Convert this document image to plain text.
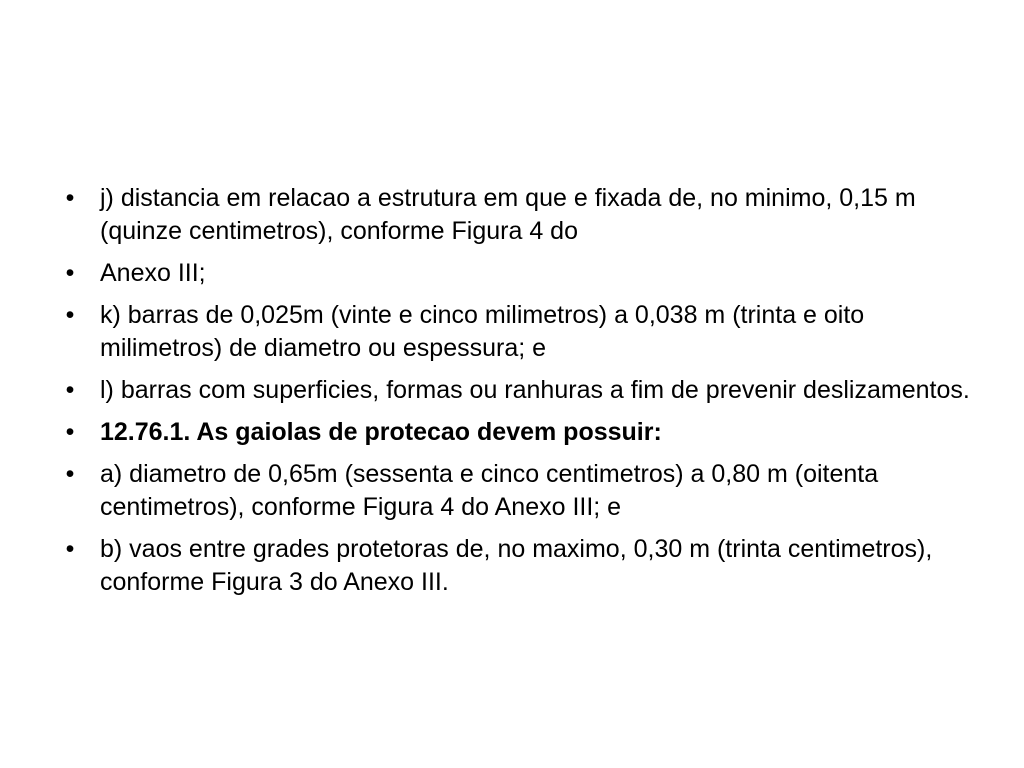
• j) distancia em relacao a estrutura em que e fixada de, no minimo, 0,15 m (quinze centimetros), conforme Figura 4 do
• Anexo III;
• k) barras de 0,025m (vinte e cinco milimetros) a 0,038 m (trinta e oito milimetros) de diametro ou espessura; e
• l) barras com superficies, formas ou ranhuras a fim de prevenir deslizamentos.
• 12.76.1. As gaiolas de protecao devem possuir:
• a) diametro de 0,65m (sessenta e cinco centimetros) a 0,80 m (oitenta centimetros), conforme Figura 4 do Anexo III; e
• b) vaos entre grades protetoras de, no maximo, 0,30 m (trinta centimetros), conforme Figura 3 do Anexo III.
